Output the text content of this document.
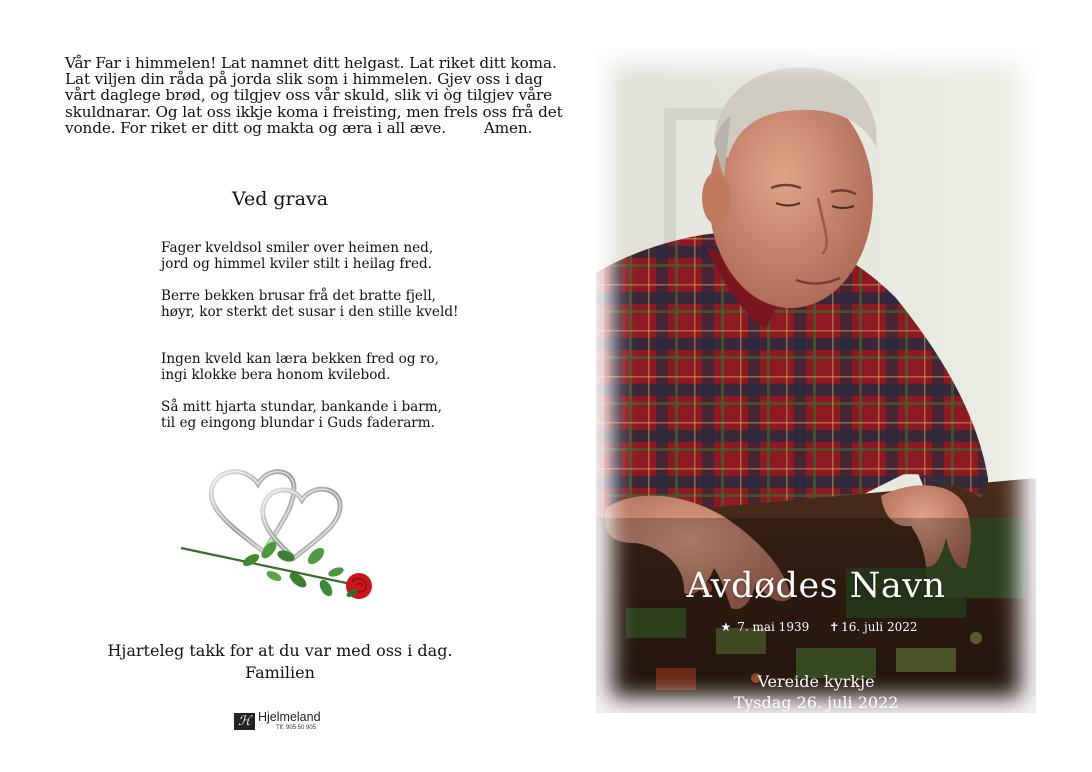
Vår Far i himmelen! Lat namnet ditt helgast. Lat riket ditt koma.

Lat viljen din råda på jorda slik som i himmelen. Gjev oss i dag

vårt daglege brød, og tilgjev oss vår skuld, slik vi òg tilgjev våre

skuldnarar. Og lat oss ikkje koma i freisting, men frels oss frå det

vonde. For riket er ditt og makta og æra i all æve.        Amen.

Ved grava

Fager kveldsol smiler over heimen ned,

jord og himmel kviler stilt i heilag fred.

Berre bekken brusar frå det bratte fjell,

høyr, kor sterkt det susar i den stille kveld!

Ingen kveld kan læra bekken fred og ro,

ingi klokke bera honom kvilebod.

Så mitt hjarta stundar, bankande i barm,

til eg eingong blundar i Guds faderarm.

Hjarteleg takk for at du var med oss i dag.

Familien

ℋ Hjelmeland
Tlf. 905 50 905
Avdødes Navn
★ 7. mai 1939 ✝ 16. juli 2022

Vereide kyrkje

Tysdag 26. juli 2022
